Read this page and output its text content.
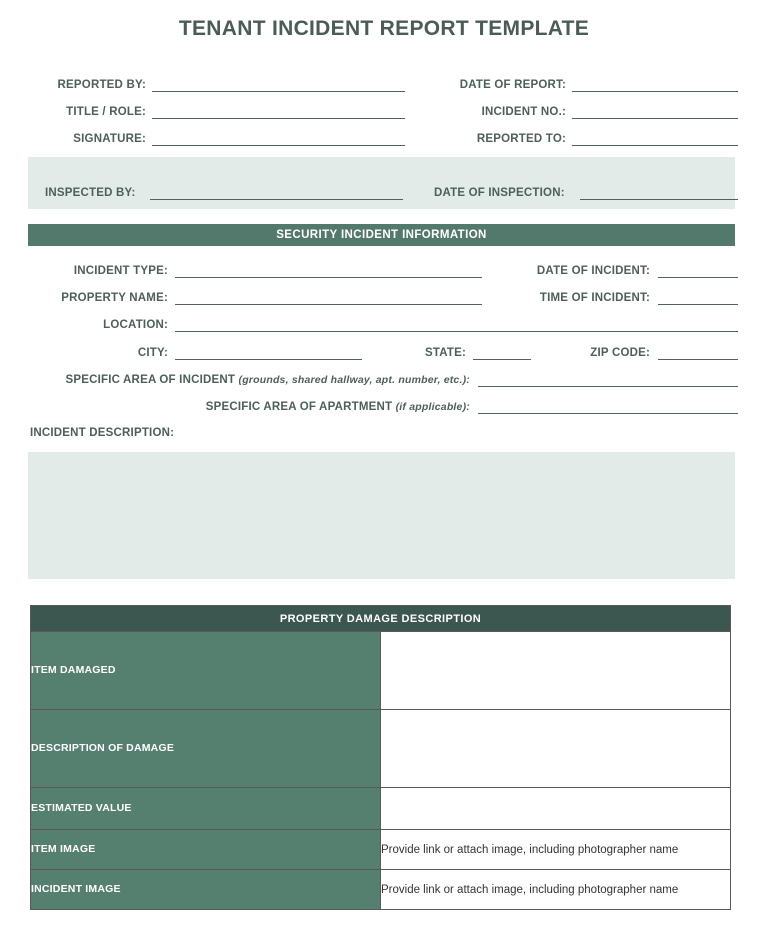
TENANT INCIDENT REPORT TEMPLATE
REPORTED BY:
TITLE / ROLE:
SIGNATURE:
DATE OF REPORT:
INCIDENT NO.:
REPORTED TO:
INSPECTED BY:	DATE OF INSPECTION:
SECURITY INCIDENT INFORMATION
INCIDENT TYPE:
PROPERTY NAME:
LOCATION:
DATE OF INCIDENT:
TIME OF INCIDENT:
CITY:	STATE:	ZIP CODE:
SPECIFIC AREA OF INCIDENT (grounds, shared hallway, apt. number, etc.):
SPECIFIC AREA OF APARTMENT (if applicable):
INCIDENT DESCRIPTION:
PROPERTY DAMAGE DESCRIPTION	
ITEM DAMAGED	
DESCRIPTION OF DAMAGE	
ESTIMATED VALUE	
ITEM IMAGE	Provide link or attach image, including photographer name
INCIDENT IMAGE	Provide link or attach image, including photographer name
